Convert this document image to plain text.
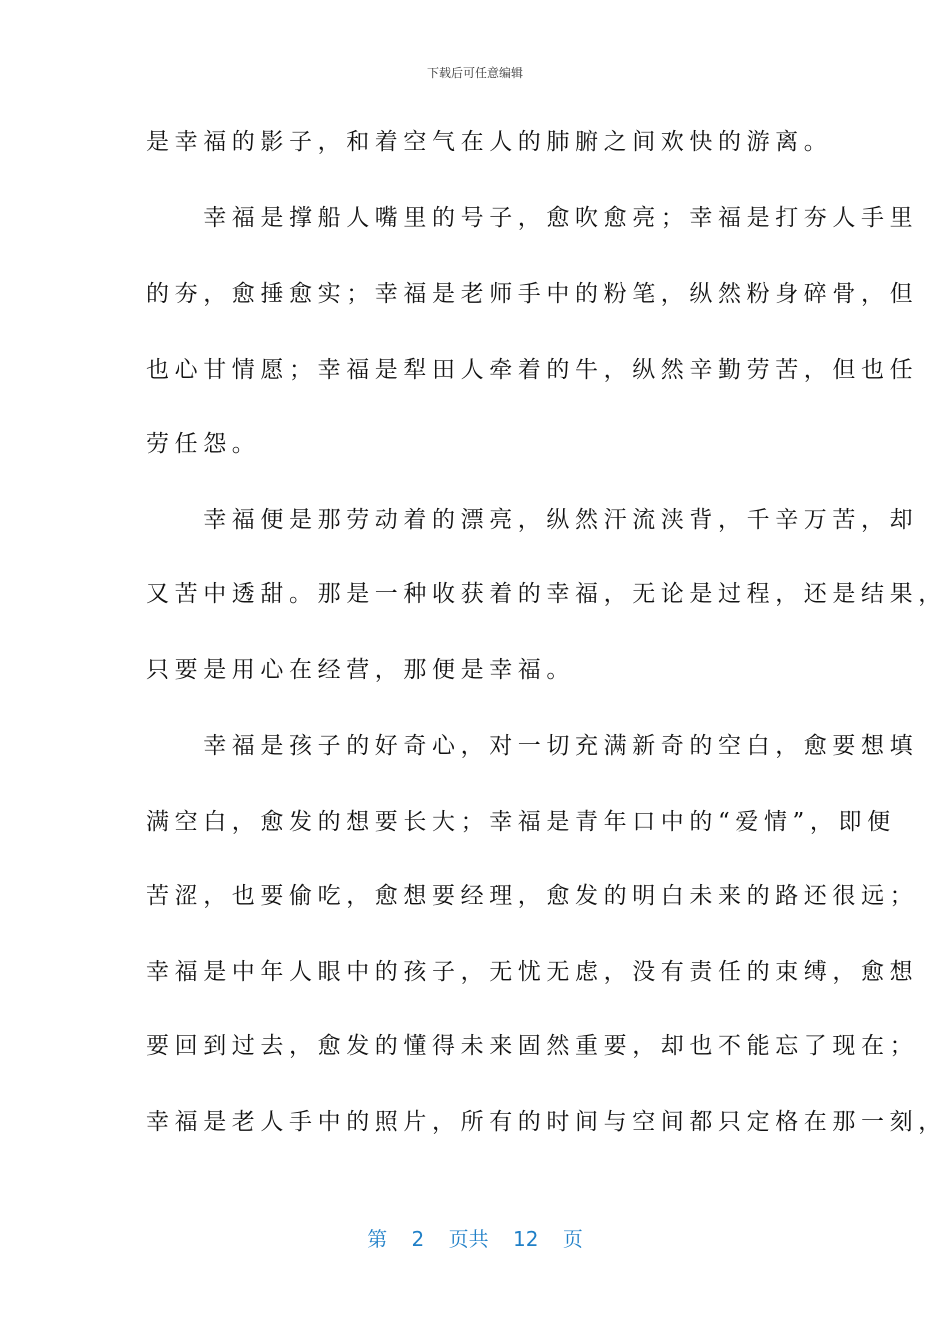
下载后可任意编辑
是幸福的影子，和着空气在人的肺腑之间欢快的游离。
　　幸福是撑船人嘴里的号子，愈吹愈亮；幸福是打夯人手里
的夯，愈捶愈实；幸福是老师手中的粉笔，纵然粉身碎骨，但
也心甘情愿；幸福是犁田人牵着的牛，纵然辛勤劳苦，但也任
劳任怨。
　　幸福便是那劳动着的漂亮，纵然汗流浃背，千辛万苦，却
又苦中透甜。那是一种收获着的幸福，无论是过程，还是结果，
只要是用心在经营，那便是幸福。
　　幸福是孩子的好奇心，对一切充满新奇的空白，愈要想填
满空白，愈发的想要长大；幸福是青年口中的“爱情”，即便
苦涩，也要偷吃，愈想要经理，愈发的明白未来的路还很远；
幸福是中年人眼中的孩子，无忧无虑，没有责任的束缚，愈想
要回到过去，愈发的懂得未来固然重要，却也不能忘了现在；
幸福是老人手中的照片，所有的时间与空间都只定格在那一刻，
第 2 页共 12 页
